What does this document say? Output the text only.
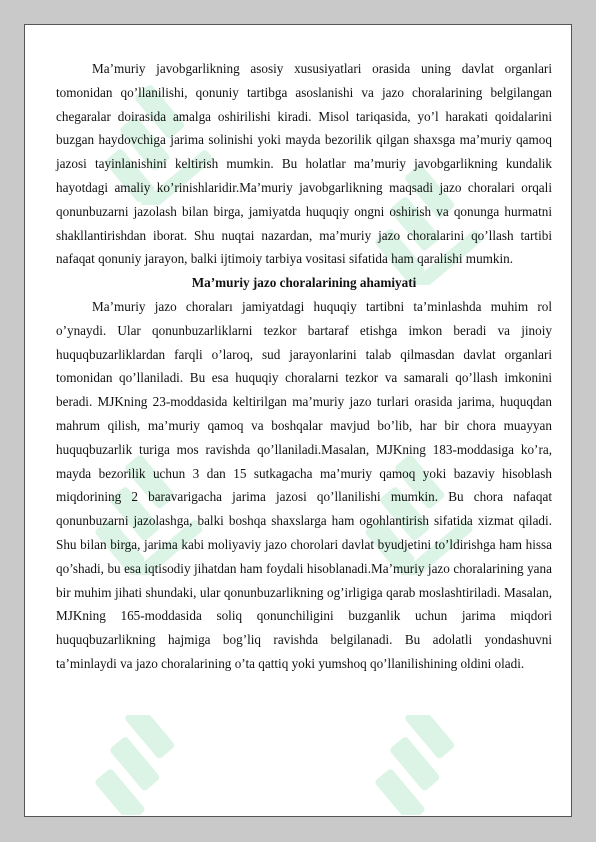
Ma’muriy javobgarlikning asosiy xususiyatlari orasida uning davlat organlari tomonidan qo’llanilishi, qonuniy tartibga asoslanishi va jazo choralarining belgilangan chegaralar doirasida amalga oshirilishi kiradi. Misol tariqasida, yo’l harakati qoidalarini buzgan haydovchiga jarima solinishi yoki mayda bezorilik qilgan shaxsga ma’muriy qamoq jazosi tayinlanishini keltirish mumkin. Bu holatlar ma’muriy javobgarlikning kundalik hayotdagi amaliy ko’rinishlaridir.Ma’muriy javobgarlikning maqsadi jazo choralari orqali qonunbuzarni jazolash bilan birga, jamiyatda huquqiy ongni oshirish va qonunga hurmatni shakllantirishdan iborat. Shu nuqtai nazardan, ma’muriy jazo choralarini qo’llash tartibi nafaqat qonuniy jarayon, balki ijtimoiy tarbiya vositasi sifatida ham qaralishi mumkin.

Ma’muriy jazo choralarining ahamiyati

Ma’muriy jazo choraları jamiyatdagi huquqiy tartibni ta’minlashda muhim rol o’ynaydi. Ular qonunbuzarliklarni tezkor bartaraf etishga imkon beradi va jinoiy huquqbuzarliklardan farqli o’laroq, sud jarayonlarini talab qilmasdan davlat organlari tomonidan qo’llaniladi. Bu esa huquqiy choralarni tezkor va samarali qo’llash imkonini beradi. MJKning 23-moddasida keltirilgan ma’muriy jazo turlari orasida jarima, huquqdan mahrum qilish, ma’muriy qamoq va boshqalar mavjud bo’lib, har bir chora muayyan huquqbuzarlik turiga mos ravishda qo’llaniladi.Masalan, MJKning 183-moddasiga ko’ra, mayda bezorilik uchun 3 dan 15 sutkagacha ma’muriy qamoq yoki bazaviy hisoblash miqdorining 2 baravarigacha jarima jazosi qo’llanilishi mumkin. Bu chora nafaqat qonunbuzarni jazolashga, balki boshqa shaxslarga ham ogohlantirish sifatida xizmat qiladi. Shu bilan birga, jarima kabi moliyaviy jazo chorolari davlat byudjetini to’ldirishga ham hissa qo’shadi, bu esa iqtisodiy jihatdan ham foydali hisoblanadi.Ma’muriy jazo choralarining yana bir muhim jihati shundaki, ular qonunbuzarlikning og’irligiga qarab moslashtiriladi. Masalan, MJKning 165-moddasida soliq qonunchiligini buzganlik uchun jarima miqdori huquqbuzarlikning hajmiga bog’liq ravishda belgilanadi. Bu adolatli yondashuvni ta’minlaydi va jazo choralarining o’ta qattiq yoki yumshoq qo’llanilishining oldini oladi.
